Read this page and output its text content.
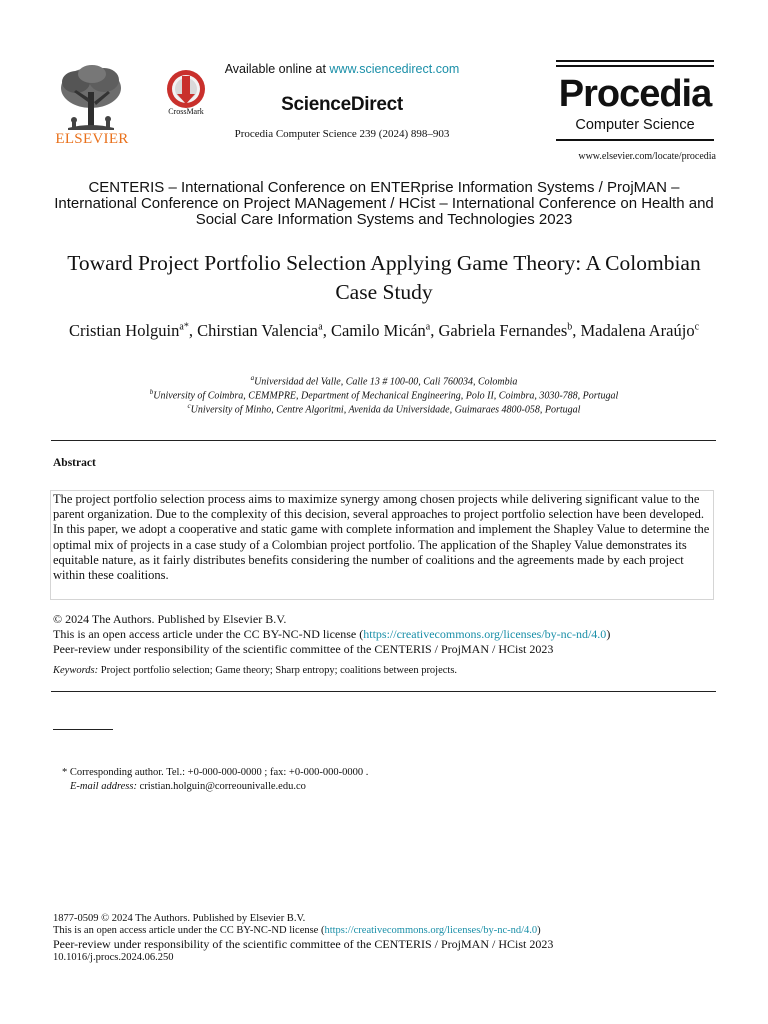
ELSEVIER
CrossMark
Available online at www.sciencedirect.com
ScienceDirect
Procedia Computer Science 239 (2024) 898–903
Procedia
Computer Science
www.elsevier.com/locate/procedia
CENTERIS – International Conference on ENTERprise Information Systems / ProjMAN – International Conference on Project MANagement / HCist – International Conference on Health and Social Care Information Systems and Technologies 2023
Toward Project Portfolio Selection Applying Game Theory: A Colombian Case Study
Cristian Holguin$^{a*}$, Chirstian Valencia$^a$, Camilo Micán$^a$, Gabriela Fernandes$^b$, Madalena Araújo$^c$
$^a$Universidad del Valle, Calle 13 # 100-00, Cali 760034, Colombia
$^b$University of Coimbra, CEMMPRE, Department of Mechanical Engineering, Polo II, Coimbra, 3030-788, Portugal
$^c$University of Minho, Centre Algoritmi, Avenida da Universidade, Guimaraes 4800-058, Portugal
Abstract
The project portfolio selection process aims to maximize synergy among chosen projects while delivering significant value to the parent organization. Due to the complexity of this decision, several approaches to project portfolio selection have been developed. In this paper, we adopt a cooperative and static game with complete information and implement the Shapley Value to determine the optimal mix of projects in a case study of a Colombian project portfolio. The application of the Shapley Value demonstrates its equitable nature, as it fairly distributes benefits considering the number of coalitions and the agreements made by each project within these coalitions.
© 2024 The Authors. Published by Elsevier B.V.
This is an open access article under the CC BY-NC-ND license (https://creativecommons.org/licenses/by-nc-nd/4.0)
Peer-review under responsibility of the scientific committee of the CENTERIS / ProjMAN / HCist 2023
Keywords: Project portfolio selection; Game theory; Sharp entropy; coalitions between projects.
* Corresponding author. Tel.: +0-000-000-0000 ; fax: +0-000-000-0000 .
E-mail address: cristian.holguin@correounivalle.edu.co
1877-0509 © 2024 The Authors. Published by Elsevier B.V.
This is an open access article under the CC BY-NC-ND license (https://creativecommons.org/licenses/by-nc-nd/4.0)
Peer-review under responsibility of the scientific committee of the CENTERIS / ProjMAN / HCist 2023
10.1016/j.procs.2024.06.250
